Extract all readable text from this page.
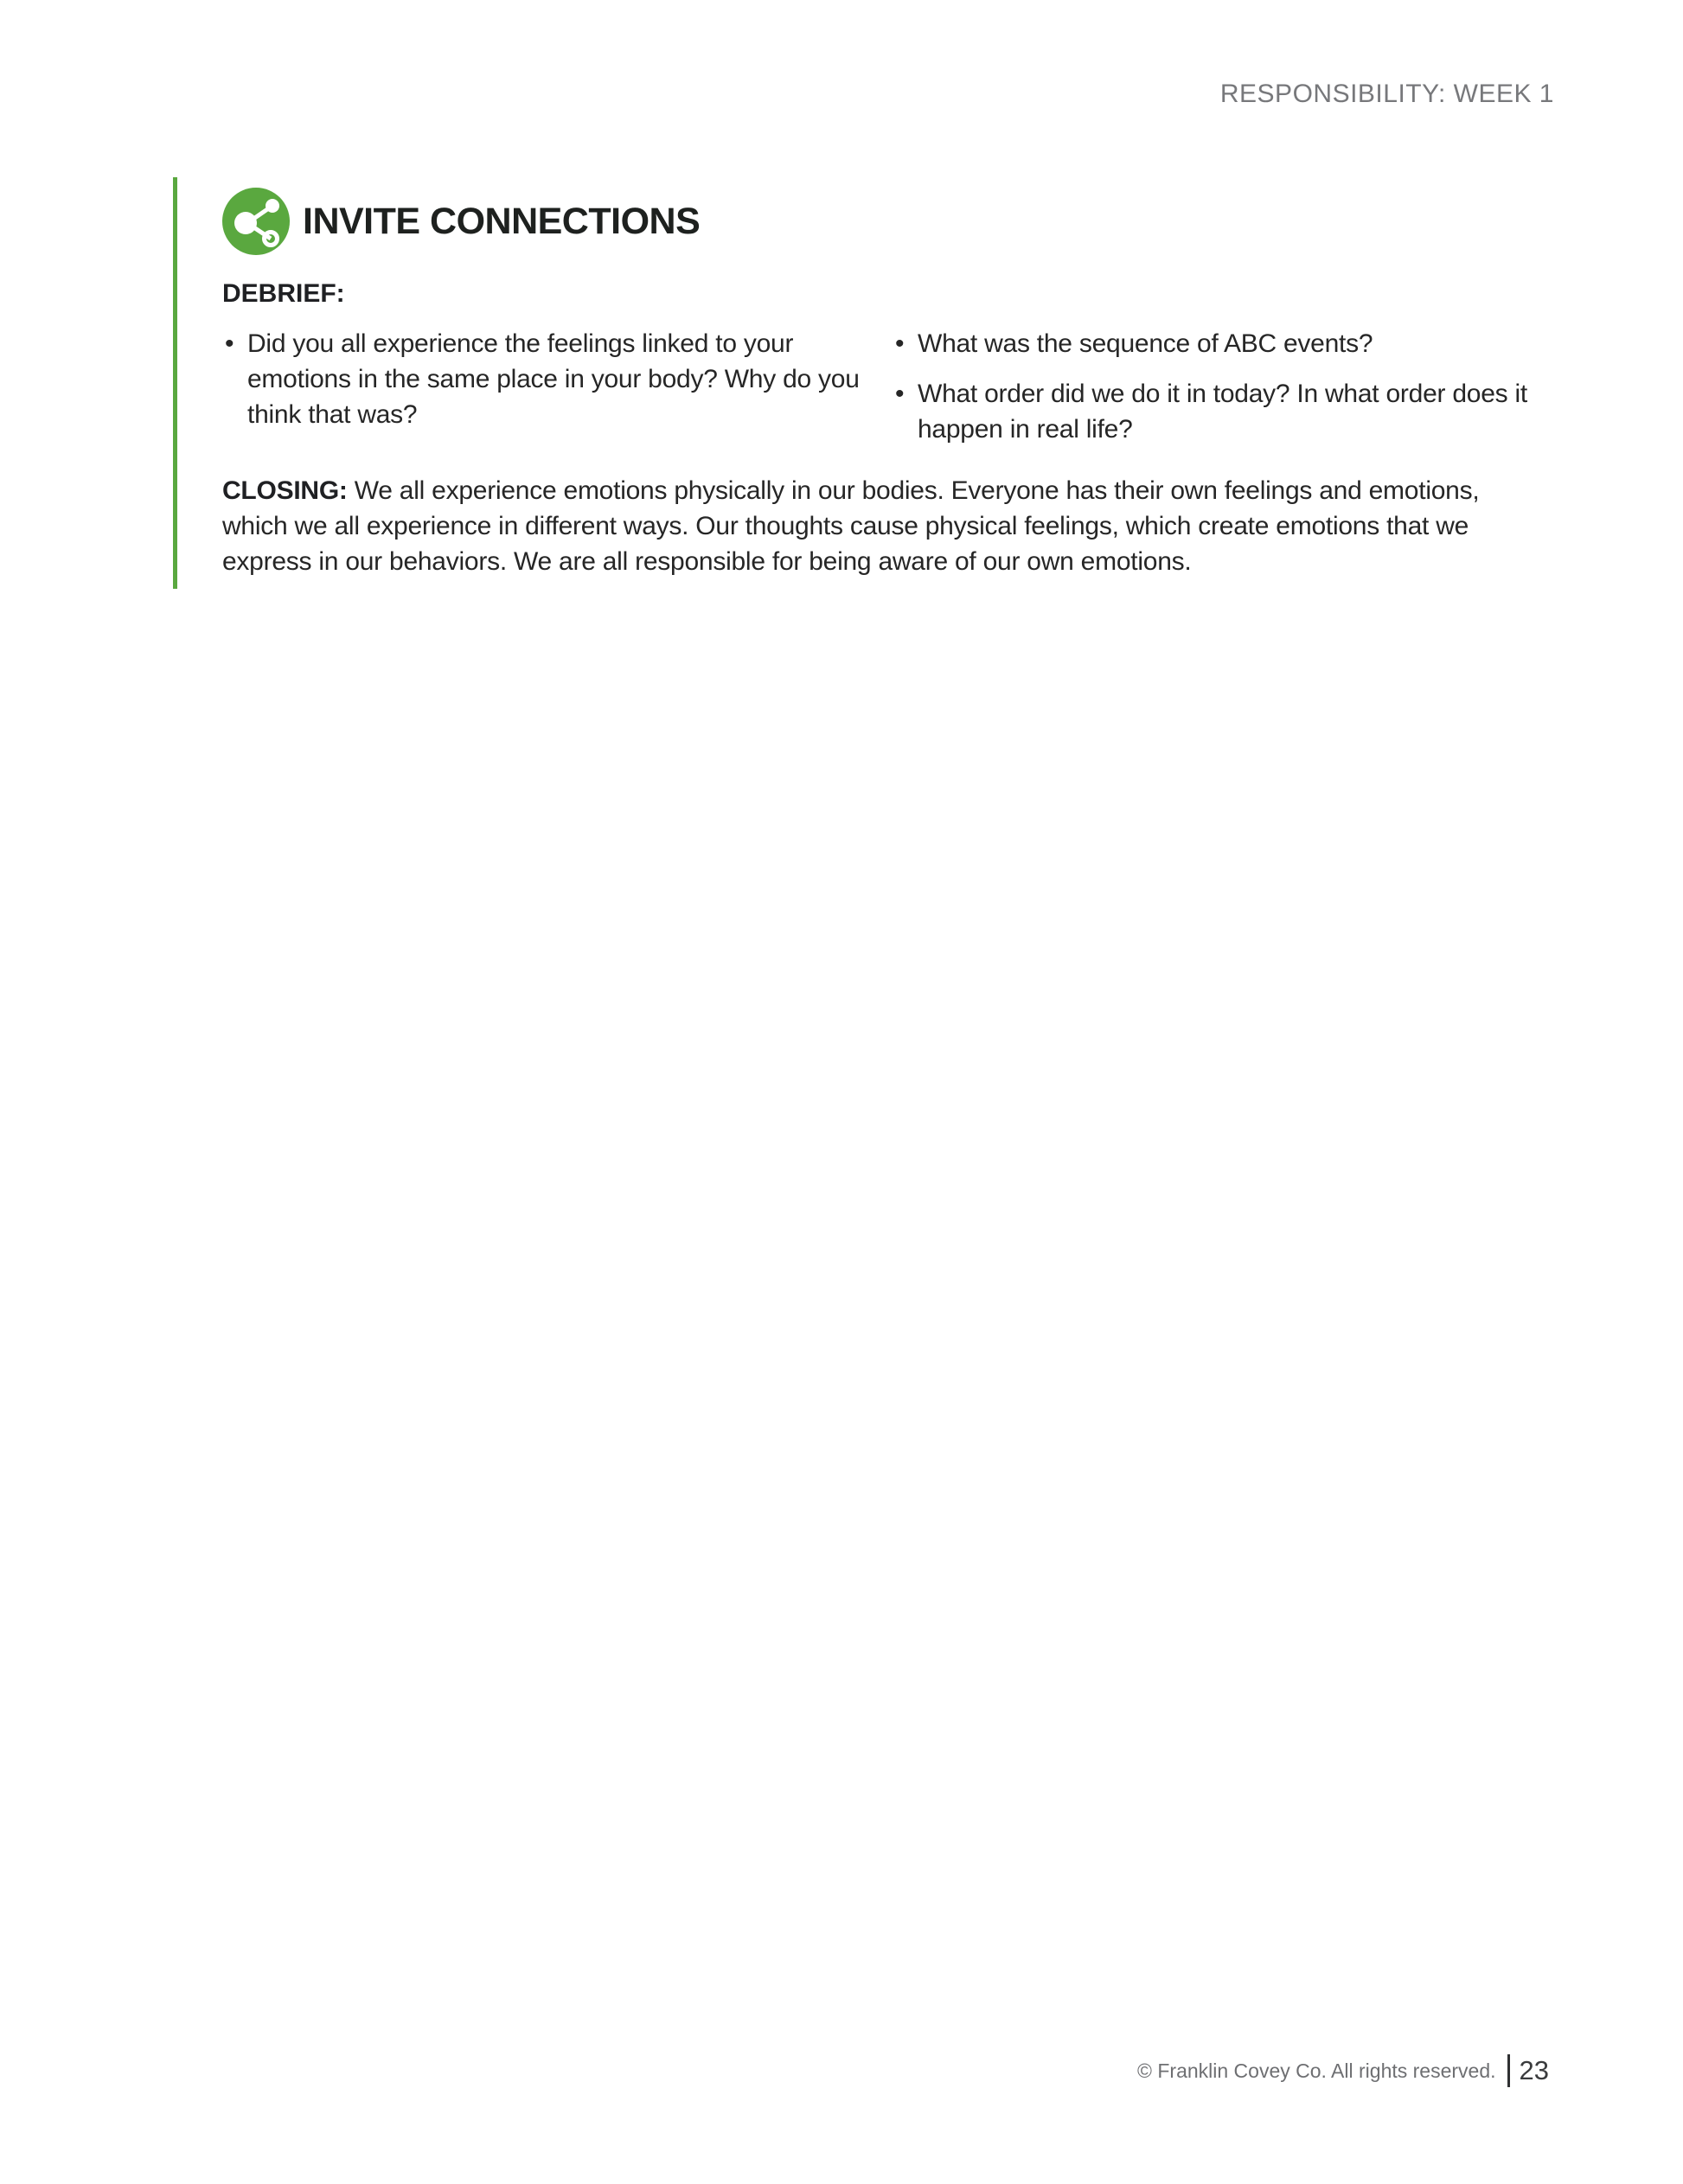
RESPONSIBILITY: WEEK 1
INVITE CONNECTIONS
DEBRIEF:
• Did you all experience the feelings linked to your emotions in the same place in your body? Why do you think that was?
• What was the sequence of ABC events?
• What order did we do it in today? In what order does it happen in real life?

CLOSING: We all experience emotions physically in our bodies. Everyone has their own feelings and emotions, which we all experience in different ways. Our thoughts cause physical feelings, which create emotions that we express in our behaviors. We are all responsible for being aware of our own emotions.

© Franklin Covey Co. All rights reserved. 23
